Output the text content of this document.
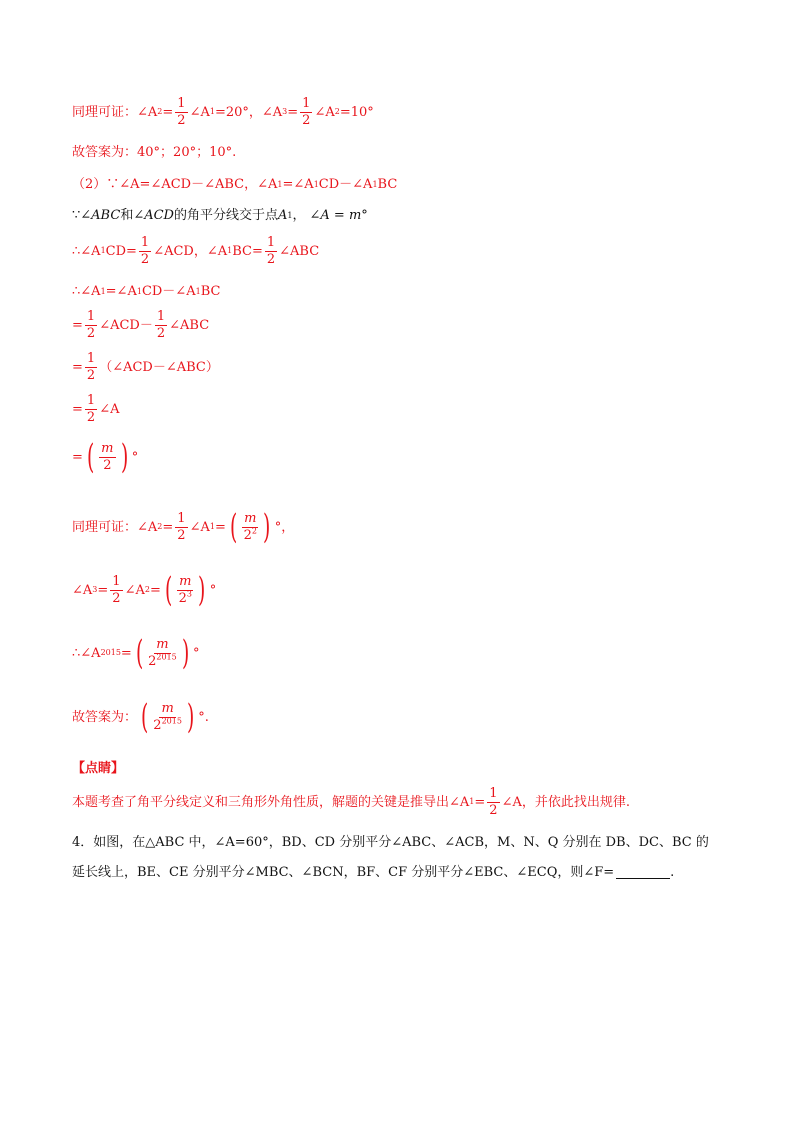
同理可证：∠A $2 = \frac{1}{2}$ ∠A 1 =20°，∠A $3 = \frac{1}{2}$ ∠A 2 =10°
故答案为：40°；20°；10°.
（2）∵∠A=∠ACD－∠ABC，∠A 1 =∠A 1 CD－∠A 1 BC
∵ ∠ABC 和 ∠ACD 的角平分线交于点 A 1 ， ∠A = m°
∴∠A 1 $CD= \frac{1}{2}$ ∠ACD，∠A 1 $BC= \frac{1}{2}$ ∠ABC
∴∠A 1 =∠A 1 CD－∠A 1 BC
= $\frac{1}{2}$ ∠ACD－ $\frac{1}{2}$ ∠ABC
= $\frac{1}{2}$ （∠ACD－∠ABC）
= $\frac{1}{2}$ ∠A
= ( $\frac{m}{2}$ ) °
同理可证：∠A $2 = \frac{1}{2}$ ∠A 1 = ( $\frac{m}{2^2}$ ) °，
∠A $3 = \frac{1}{2}$ ∠A 2 = ( $\frac{m}{2^3}$ ) °
∴∠A 2015 = ( $\frac{m}{2^{2015}}$ ) °
故答案为： ( $\frac{m}{2^{2015}}$ ) °.
【点睛】
本题考查了角平分线定义和三角形外角性质，解题的关键是推导出∠A $1 = \frac{1}{2}$ ∠A，并依此找出规律.
4．如图，在△ABC 中，∠A=60°，BD、CD 分别平分∠ABC、∠ACB，M、N、Q 分别在 DB、DC、BC 的
延长线上，BE、CE 分别平分∠MBC、∠BCN，BF、CF 分别平分∠EBC、∠ECQ，则∠F=	.
